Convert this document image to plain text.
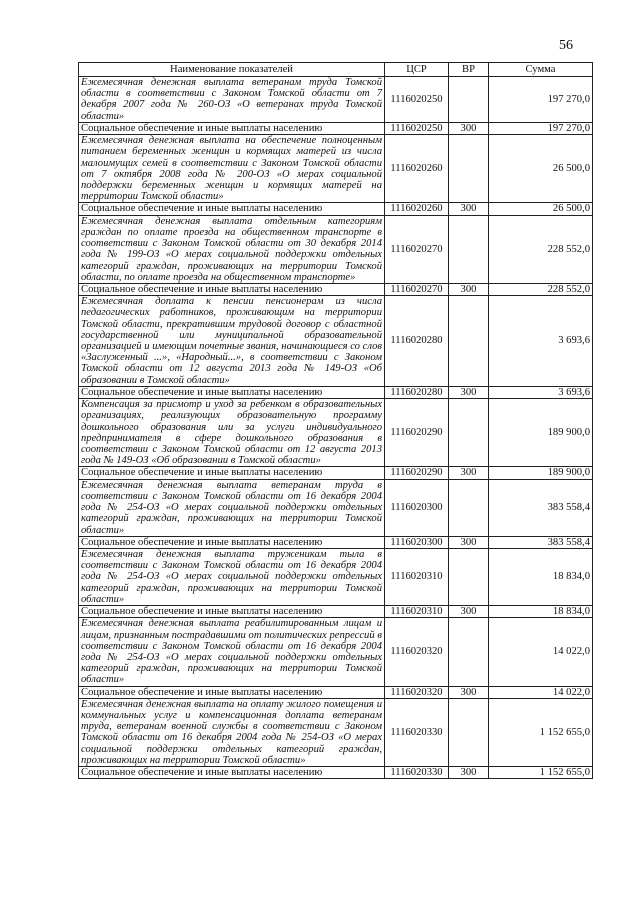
56
Наименование показателей	ЦСР	ВР	Сумма
Ежемесячная денежная выплата ветеранам труда Томской области в соответствии с Законом Томской области от 7 декабря 2007 года № 260-ОЗ «О ветеранах труда Томской области»	1116020250		197 270,0
Социальное обеспечение и иные выплаты населению	1116020250	300	197 270,0
Ежемесячная денежная выплата на обеспечение полноценным питанием беременных женщин и кормящих матерей из числа малоимущих семей в соответствии с Законом Томской области от 7 октября 2008 года № 200-ОЗ «О мерах социальной поддержки беременных женщин и кормящих матерей на территории Томской области»	1116020260		26 500,0
Социальное обеспечение и иные выплаты населению	1116020260	300	26 500,0
Ежемесячная денежная выплата отдельным категориям граждан по оплате проезда на общественном транспорте в соответствии с Законом Томской области от 30 декабря 2014 года № 199-ОЗ «О мерах социальной поддержки отдельных категорий граждан, проживающих на территории Томской области, по оплате проезда на общественном транспорте»	1116020270		228 552,0
Социальное обеспечение и иные выплаты населению	1116020270	300	228 552,0
Ежемесячная доплата к пенсии пенсионерам из числа педагогических работников, проживающим на территории Томской области, прекратившим трудовой договор с областной государственной или муниципальной образовательной организацией и имеющим почетные звания, начинающиеся со слов «Заслуженный ...», «Народный...», в соответствии с Законом Томской области от 12 августа 2013 года № 149-ОЗ «Об образовании в Томской области»	1116020280		3 693,6
Социальное обеспечение и иные выплаты населению	1116020280	300	3 693,6
Компенсация за присмотр и уход за ребенком в образовательных организациях, реализующих образовательную программу дошкольного образования или за услуги индивидуального предпринимателя в сфере дошкольного образования в соответствии с Законом Томской области от 12 августа 2013 года № 149-ОЗ «Об образовании в Томской области»	1116020290		189 900,0
Социальное обеспечение и иные выплаты населению	1116020290	300	189 900,0
Ежемесячная денежная выплата ветеранам труда в соответствии с Законом Томской области от 16 декабря 2004 года № 254-ОЗ «О мерах социальной поддержки отдельных категорий граждан, проживающих на территории Томской области»	1116020300		383 558,4
Социальное обеспечение и иные выплаты населению	1116020300	300	383 558,4
Ежемесячная денежная выплата труженикам тыла в соответствии с Законом Томской области от 16 декабря 2004 года № 254-ОЗ «О мерах социальной поддержки отдельных категорий граждан, проживающих на территории Томской области»	1116020310		18 834,0
Социальное обеспечение и иные выплаты населению	1116020310	300	18 834,0
Ежемесячная денежная выплата реабилитированным лицам и лицам, признанным пострадавшими от политических репрессий в соответствии с Законом Томской области от 16 декабря 2004 года № 254-ОЗ «О мерах социальной поддержки отдельных категорий граждан, проживающих на территории Томской области»	1116020320		14 022,0
Социальное обеспечение и иные выплаты населению	1116020320	300	14 022,0
Ежемесячная денежная выплата на оплату жилого помещения и коммунальных услуг и компенсационная доплата ветеранам труда, ветеранам военной службы в соответствии с Законом Томской области от 16 декабря 2004 года № 254-ОЗ «О мерах социальной поддержки отдельных категорий граждан, проживающих на территории Томской области»	1116020330		1 152 655,0
Социальное обеспечение и иные выплаты населению	1116020330	300	1 152 655,0
